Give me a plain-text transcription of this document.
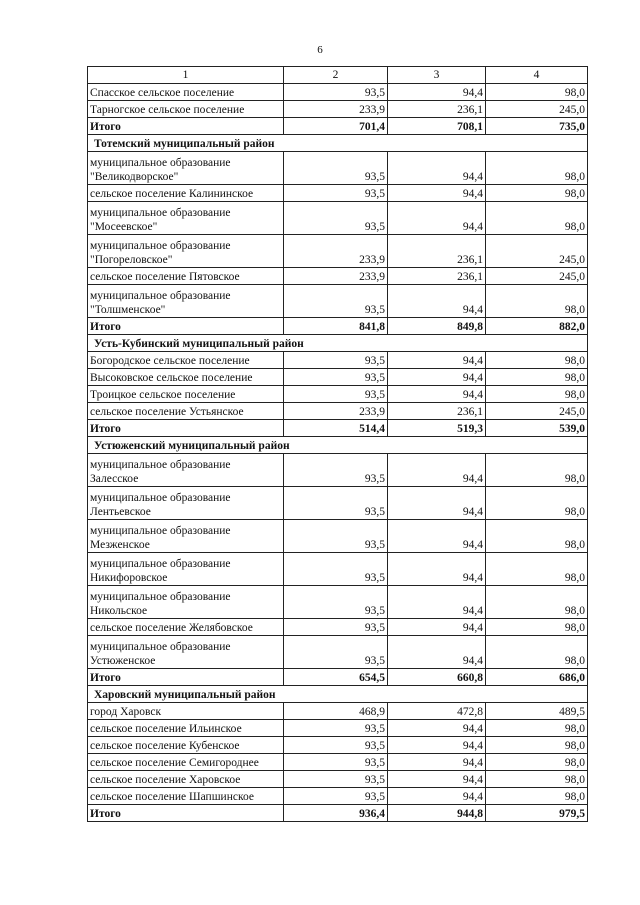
6
1	2	3	4
Спасское сельское поселение	93,5	94,4	98,0
Тарногское сельское поселение	233,9	236,1	245,0
Итого	701,4	708,1	735,0
Тотемский муниципальный район			
муниципальное образование
"Великодворское"	93,5	94,4	98,0
сельское поселение Калининское	93,5	94,4	98,0
муниципальное образование
"Мосеевское"	93,5	94,4	98,0
муниципальное образование
"Погореловское"	233,9	236,1	245,0
сельское поселение Пятовское	233,9	236,1	245,0
муниципальное образование
"Толшменское"	93,5	94,4	98,0
Итого	841,8	849,8	882,0
Усть-Кубинский муниципальный район			
Богородское сельское поселение	93,5	94,4	98,0
Высоковское сельское поселение	93,5	94,4	98,0
Троицкое сельское поселение	93,5	94,4	98,0
сельское поселение Устьянское	233,9	236,1	245,0
Итого	514,4	519,3	539,0
Устюженский муниципальный район			
муниципальное образование
Залесское	93,5	94,4	98,0
муниципальное образование
Лентьевское	93,5	94,4	98,0
муниципальное образование
Мезженское	93,5	94,4	98,0
муниципальное образование
Никифоровское	93,5	94,4	98,0
муниципальное образование
Никольское	93,5	94,4	98,0
сельское поселение Желябовское	93,5	94,4	98,0
муниципальное образование
Устюженское	93,5	94,4	98,0
Итого	654,5	660,8	686,0
Харовский муниципальный район			
город Харовск	468,9	472,8	489,5
сельское поселение Ильинское	93,5	94,4	98,0
сельское поселение Кубенское	93,5	94,4	98,0
сельское поселение Семигороднее	93,5	94,4	98,0
сельское поселение Харовское	93,5	94,4	98,0
сельское поселение Шапшинское	93,5	94,4	98,0
Итого	936,4	944,8	979,5
